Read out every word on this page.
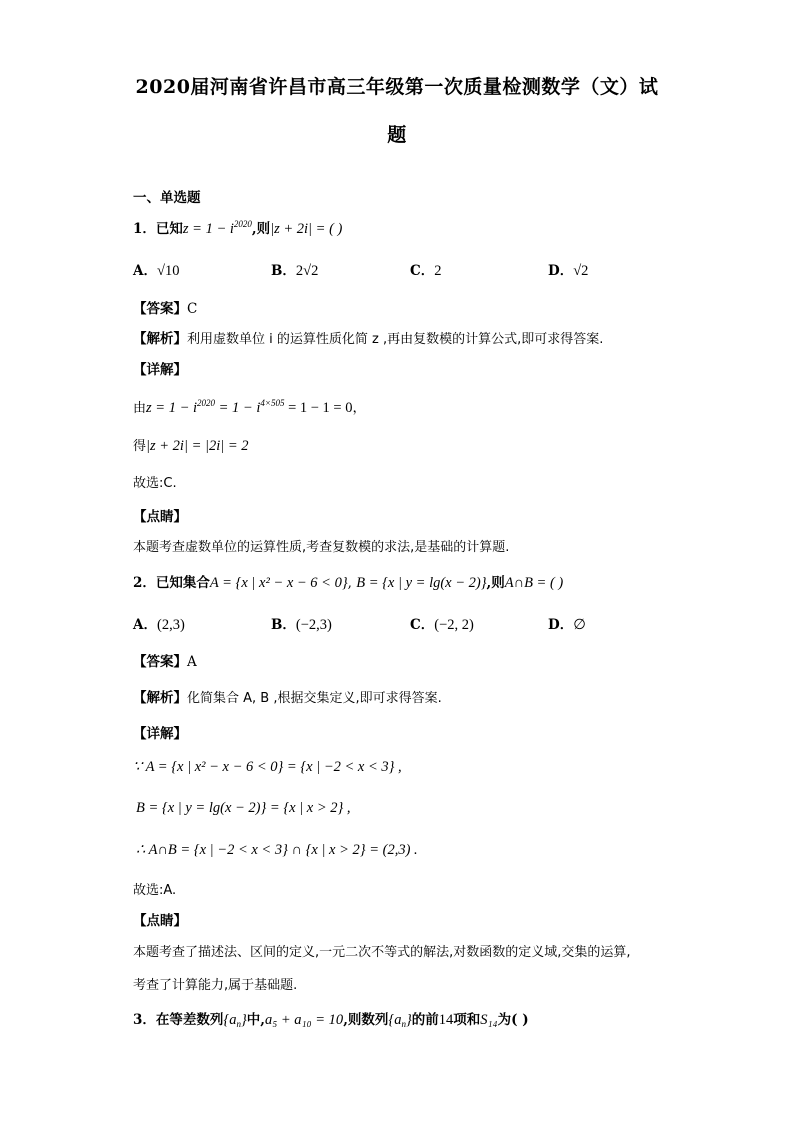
2020届河南省许昌市高三年级第一次质量检测数学（文）试
题
一、单选题
1．已知$z = 1 - i^{2020}$,则|z + 2i| = ( )
A．√10	B．2√2	C．2	D．√2
【答案】C
【解析】利用虚数单位 i 的运算性质化简 z ,再由复数模的计算公式,即可求得答案.
【详解】
由$z = 1 - i^{2020} = 1 - i^{4\times 505} = 1 - 1 = 0$，
得|z + 2i| = |2i| = 2
故选:C.
【点睛】
本题考查虚数单位的运算性质,考查复数模的求法,是基础的计算题.
2．已知集合A = {x | x² − x − 6 < 0}, B = {x | y = lg(x − 2)},则A∩B = ( )
A．(2,3)	B．(−2,3)	C．(−2, 2)	D．∅
【答案】A
【解析】化简集合 A, B ,根据交集定义,即可求得答案.
【详解】
∵ A = {x | x² − x − 6 < 0} = {x | −2 < x < 3} ,
B = {x | y = lg(x − 2)} = {x | x > 2} ,
∴ A∩B = {x | −2 < x < 3} ∩ {x | x > 2} = (2,3) .
故选:A.
【点睛】
本题考查了描述法、区间的定义,一元二次不等式的解法,对数函数的定义域,交集的运算,
考查了计算能力,属于基础题.
3．在等差数列$\{a_n\}$中,a₅ + a₁₀ = 10,则数列$\{a_n\}$的前14项和S₁₄为( )
